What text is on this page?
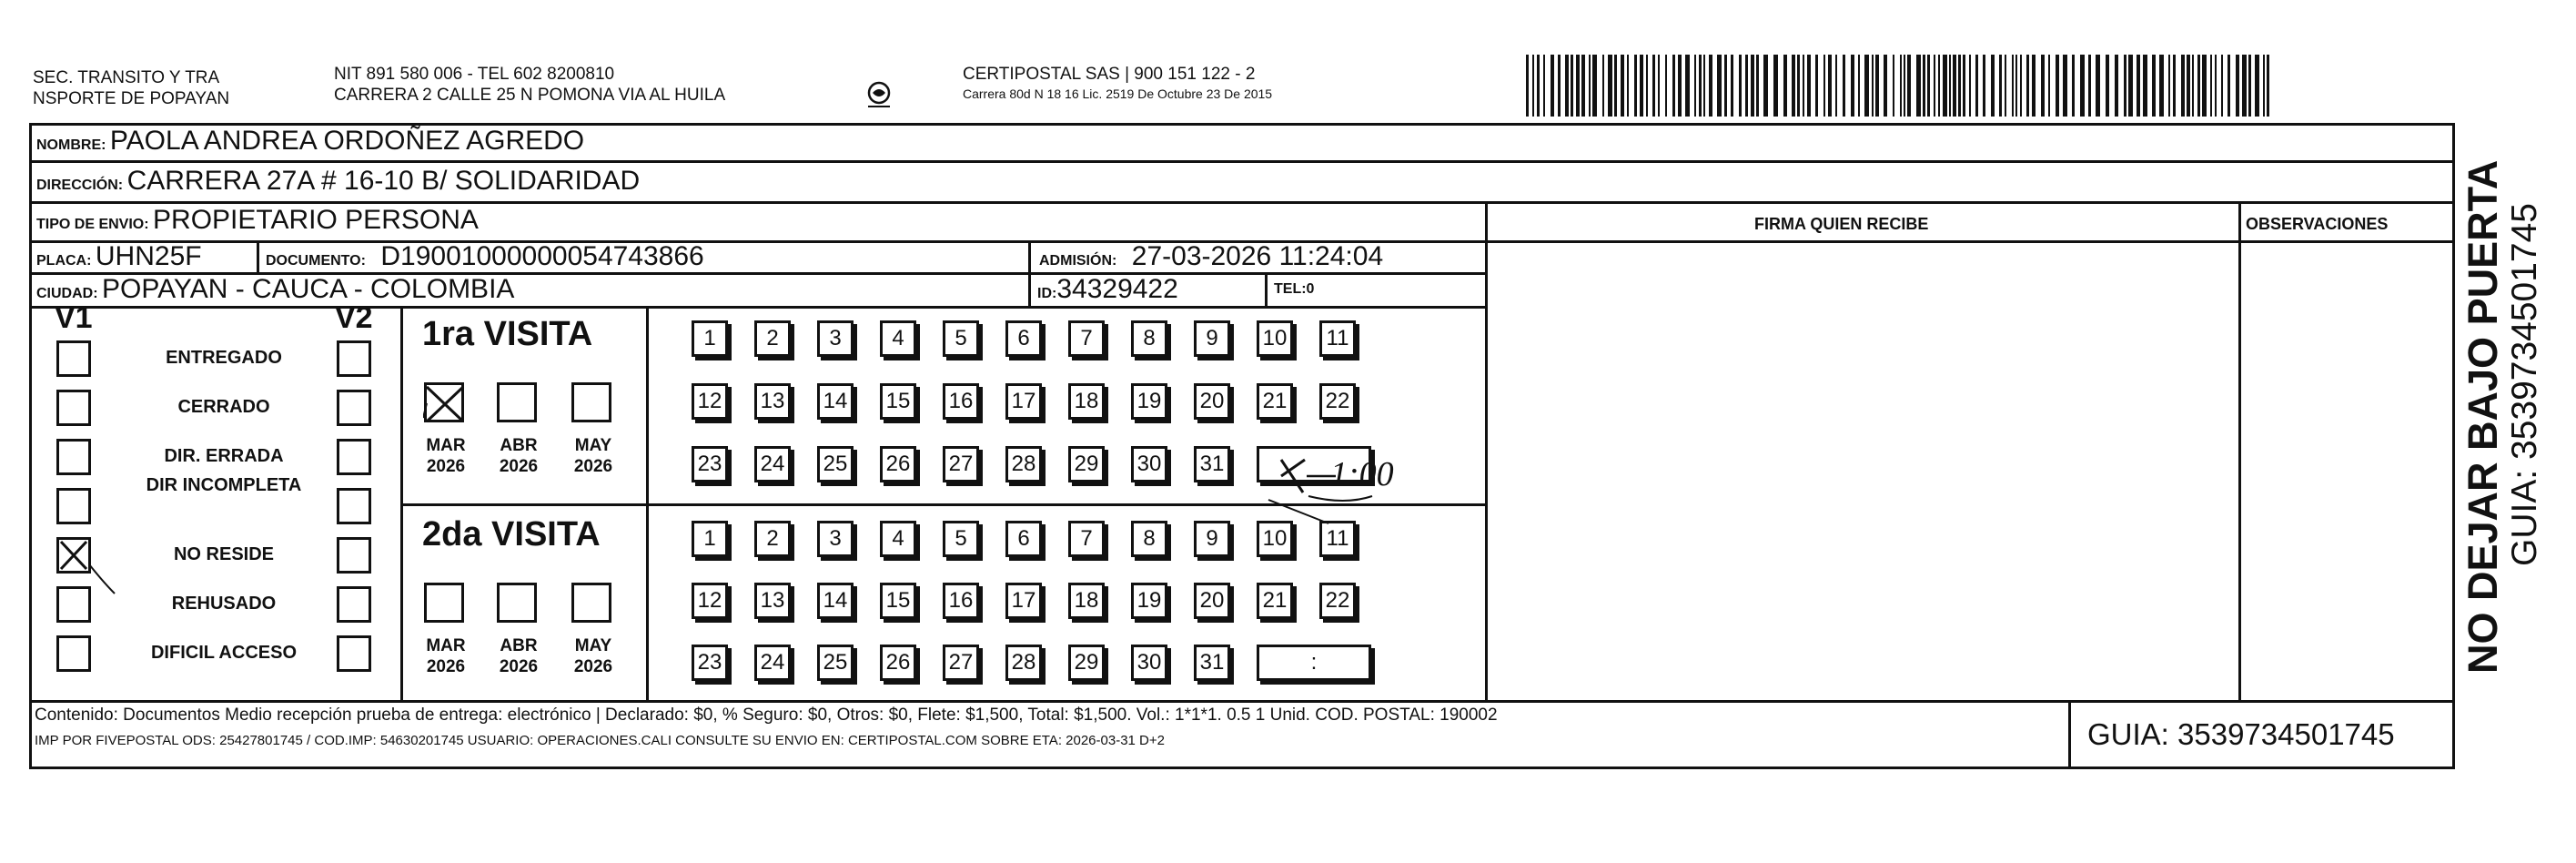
SEC. TRANSITO Y TRA
NSPORTE DE POPAYAN
NIT 891 580 006 - TEL 602 8200810
CARRERA 2 CALLE 25 N POMONA VIA AL HUILA
CERTIPOSTAL SAS | 900 151 122 - 2
Carrera 80d N 18 16 Lic. 2519 De Octubre 23 De 2015
NOMBRE: PAOLA ANDREA ORDOÑEZ AGREDO
DIRECCIÓN: CARRERA 27A # 16-10 B/ SOLIDARIDAD
TIPO DE ENVIO: PROPIETARIO PERSONA	FIRMA QUIEN RECIBE	OBSERVACIONES
PLACA: UHN25F	DOCUMENTO: D19001000000054743866	ADMISIÓN: 27-03-2026 11:24:04
CIUDAD: POPAYAN - CAUCA - COLOMBIA	ID:34329422	TEL:0
V1	V2
ENTREGADO
CERRADO
DIR. ERRADA
DIR INCOMPLETA
NO RESIDE
REHUSADO
DIFICIL ACCESO
1ra VISITA
2da VISITA
MAR
2026
ABR
2026
MAY
2026
MAR
2026
ABR
2026
MAY
2026
1	2	3	4	5	6	7	8	9	10	11
12 13 14 15 16 17 18 19 20 21 22
23 24 25 26 27 28 29 30 31
1	2	3	4	5	6	7	8	9	10	11
12 13 14 15 16 17 18 19 20 21 22
23 24 25 26 27 28 29 30 31	:
1:00
Contenido: Documentos Medio recepción prueba de entrega: electrónico | Declarado: $0, % Seguro: $0, Otros: $0, Flete: $1,500, Total: $1,500. Vol.: 1*1*1. 0.5 1 Unid. COD. POSTAL: 190002
IMP POR FIVEPOSTAL ODS: 25427801745 / COD.IMP: 54630201745 USUARIO: OPERACIONES.CALI CONSULTE SU ENVIO EN: CERTIPOSTAL.COM SOBRE ETA: 2026-03-31 D+2	GUIA: 3539734501745
NO DEJAR BAJO PUERTA GUIA: 3539734501745
